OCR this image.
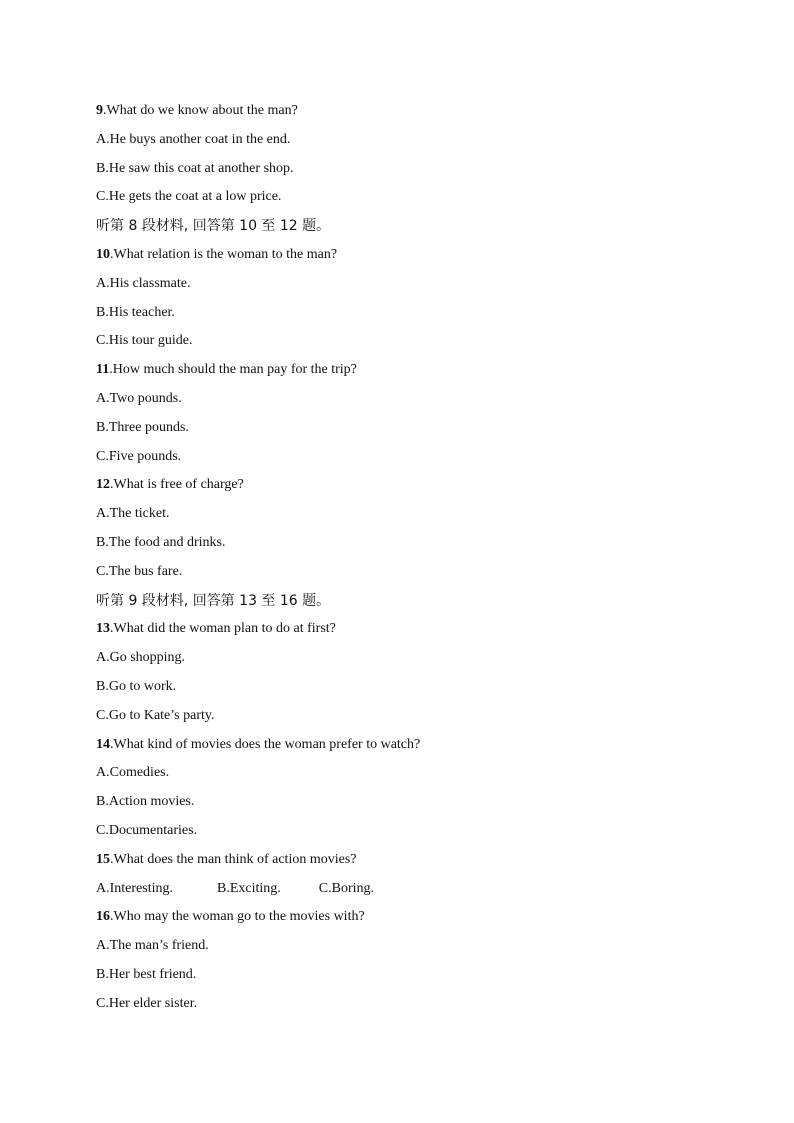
9.What do we know about the man?
A.He buys another coat in the end.
B.He saw this coat at another shop.
C.He gets the coat at a low price.
听第 8 段材料, 回答第 10 至 12 题。
10.What relation is the woman to the man?
A.His classmate.
B.His teacher.
C.His tour guide.
11.How much should the man pay for the trip?
A.Two pounds.
B.Three pounds.
C.Five pounds.
12.What is free of charge?
A.The ticket.
B.The food and drinks.
C.The bus fare.
听第 9 段材料, 回答第 13 至 16 题。
13.What did the woman plan to do at first?
A.Go shopping.
B.Go to work.
C.Go to Kate’s party.
14.What kind of movies does the woman prefer to watch?
A.Comedies.
B.Action movies.
C.Documentaries.
15.What does the man think of action movies?
A.Interesting.	B.Exciting.	C.Boring.
16.Who may the woman go to the movies with?
A.The man’s friend.
B.Her best friend.
C.Her elder sister.
